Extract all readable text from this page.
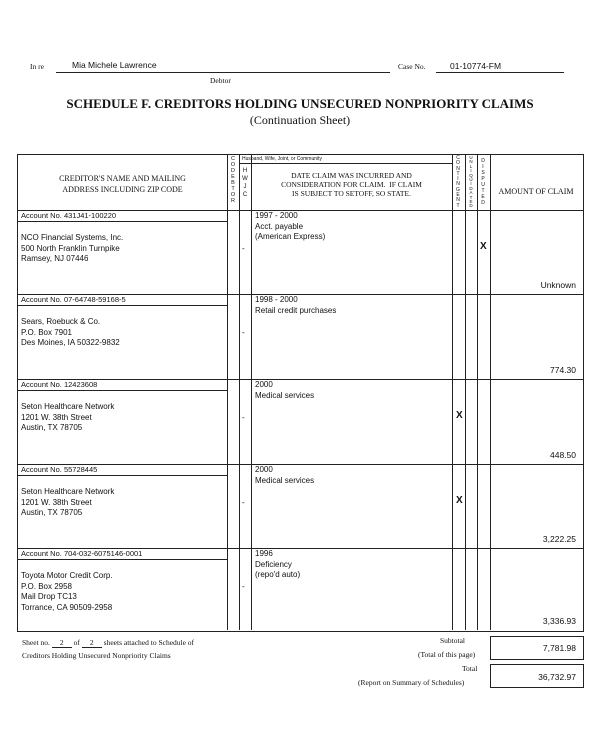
In re	Mia Michele Lawrence
Debtor
Case No.	01-10774-FM
SCHEDULE F. CREDITORS HOLDING UNSECURED NONPRIORITY CLAIMS
(Continuation Sheet)
CREDITOR'S NAME AND MAILING
ADDRESS INCLUDING ZIP CODE
C
O
D
E
B
T
O
R
Husband, Wife, Joint, or Community
H
W
J
C
DATE CLAIM WAS INCURRED AND
CONSIDERATION FOR CLAIM.  IF CLAIM
IS SUBJECT TO SETOFF, SO STATE.
C
O
N
T
I
N
G
E
N
T
U
N
L
I
Q
U
I
D
A
T
E
D
D
I
S
P
U
T
E
D
AMOUNT OF CLAIM
Account No. 431J41-100220
NCO Financial Systems, Inc.
500 North Franklin Turnpike
Ramsey, NJ 07446
-
1997 - 2000
Acct. payable
(American Express)
X
Unknown
Account No. 07-64748-59168-5
Sears, Roebuck & Co.
P.O. Box 7901
Des Moines, IA 50322-9832
-
1998 - 2000
Retail credit purchases
774.30
Account No. 12423608
Seton Healthcare Network
1201 W. 38th Street
Austin, TX 78705
-
2000
Medical services
X
448.50
Account No. 55728445
Seton Healthcare Network
1201 W. 38th Street
Austin, TX 78705
-
2000
Medical services
X
3,222.25
Account No. 704-032-6075146-0001
Toyota Motor Credit Corp.
P.O. Box 2958
Mail Drop TC13
Torrance, CA 90509-2958
-
1996
Deficiency
(repo'd auto)
3,336.93
Sheet no. 2 of 2 sheets attached to Schedule of
Creditors Holding Unsecured Nonpriority Claims
Subtotal
(Total of this page)
7,781.98
Total
(Report on Summary of Schedules)
36,732.97
